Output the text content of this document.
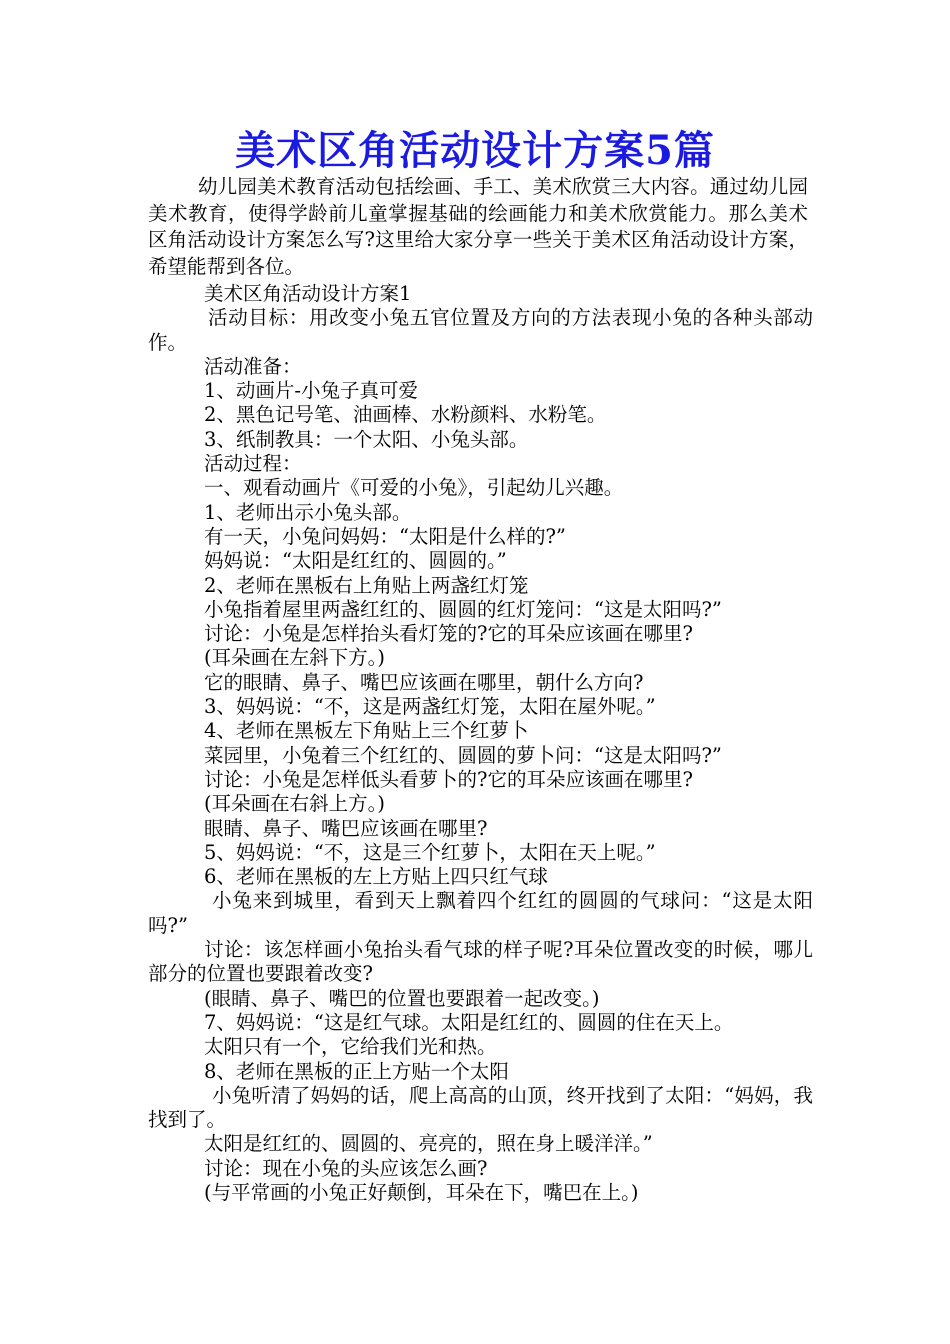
美术区角活动设计方案5篇

幼儿园美术教育活动包括绘画、手工、美术欣赏三大内容。通过幼儿园美术教育，使得学龄前儿童掌握基础的绘画能力和美术欣赏能力。那么美术区角活动设计方案怎么写?这里给大家分享一些关于美术区角活动设计方案，希望能帮到各位。

美术区角活动设计方案1
活动目标：用改变小兔五官位置及方向的方法表现小兔的各种头部动作。
活动准备：
1、动画片-小兔子真可爱
2、黑色记号笔、油画棒、水粉颜料、水粉笔。
3、纸制教具：一个太阳、小兔头部。
活动过程：
一、观看动画片《可爱的小兔》，引起幼儿兴趣。
1、老师出示小兔头部。
有一天，小兔问妈妈：“太阳是什么样的?”
妈妈说：“太阳是红红的、圆圆的。”
2、老师在黑板右上角贴上两盏红灯笼
小兔指着屋里两盏红红的、圆圆的红灯笼问：“这是太阳吗?”
讨论：小兔是怎样抬头看灯笼的?它的耳朵应该画在哪里?
(耳朵画在左斜下方。)
它的眼睛、鼻子、嘴巴应该画在哪里，朝什么方向?
3、妈妈说：“不，这是两盏红灯笼，太阳在屋外呢。”
4、老师在黑板左下角贴上三个红萝卜
菜园里，小兔着三个红红的、圆圆的萝卜问：“这是太阳吗?”
讨论：小兔是怎样低头看萝卜的?它的耳朵应该画在哪里?
(耳朵画在右斜上方。)
眼睛、鼻子、嘴巴应该画在哪里?
5、妈妈说：“不，这是三个红萝卜，太阳在天上呢。”
6、老师在黑板的左上方贴上四只红气球
小兔来到城里，看到天上飘着四个红红的圆圆的气球问：“这是太阳吗?”
讨论：该怎样画小兔抬头看气球的样子呢?耳朵位置改变的时候，哪儿部分的位置也要跟着改变?
(眼睛、鼻子、嘴巴的位置也要跟着一起改变。)
7、妈妈说：“这是红气球。太阳是红红的、圆圆的住在天上。
太阳只有一个，它给我们光和热。
8、老师在黑板的正上方贴一个太阳
小兔听清了妈妈的话，爬上高高的山顶，终开找到了太阳：“妈妈，我找到了。
太阳是红红的、圆圆的、亮亮的，照在身上暖洋洋。”
讨论：现在小兔的头应该怎么画?
(与平常画的小兔正好颠倒，耳朵在下，嘴巴在上。)
